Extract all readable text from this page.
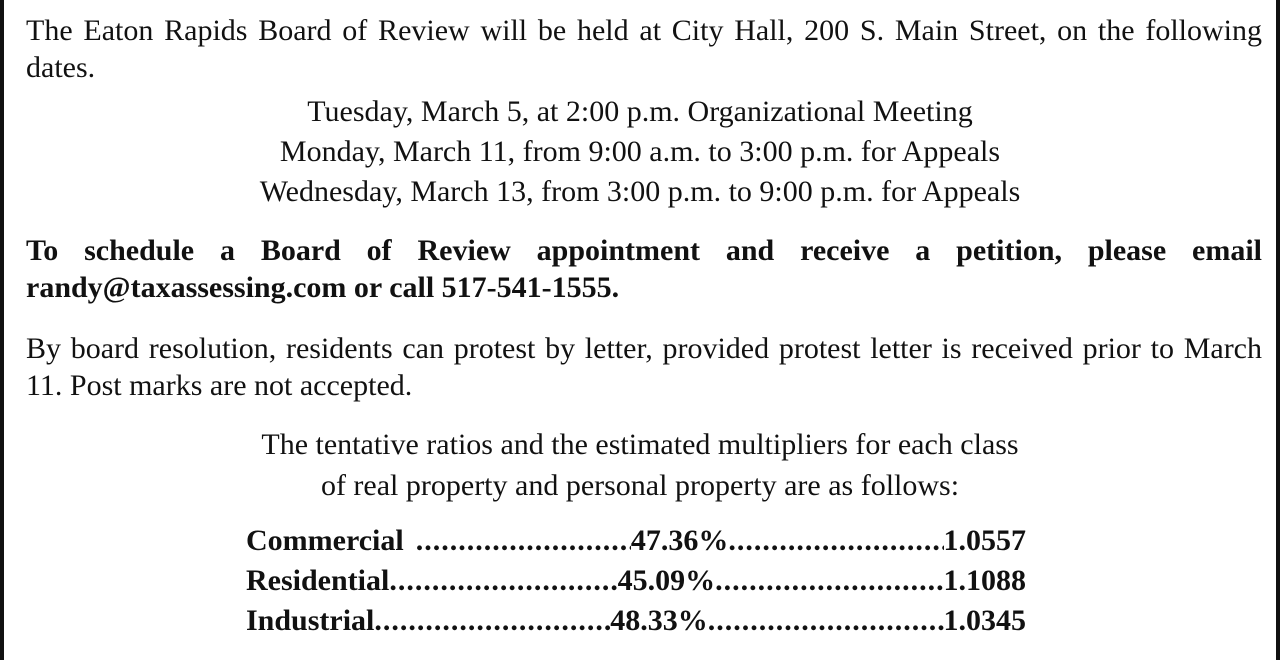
The Eaton Rapids Board of Review will be held at City Hall, 200 S. Main Street, on the following dates.
Tuesday, March 5, at 2:00 p.m. Organizational Meeting
Monday, March 11, from 9:00 a.m. to 3:00 p.m. for Appeals
Wednesday, March 13, from 3:00 p.m. to 9:00 p.m. for Appeals
To schedule a Board of Review appointment and receive a petition, please email randy@taxassessing.com or call 517-541-1555.
By board resolution, residents can protest by letter, provided protest letter is received prior to March 11. Post marks are not accepted.
The tentative ratios and the estimated multipliers for each class
of real property and personal property are as follows:
Commercial .....	47.36% .....	1.0557
Residential .....	45.09% .....	1.1088
Industrial .....	48.33% .....	1.0345
